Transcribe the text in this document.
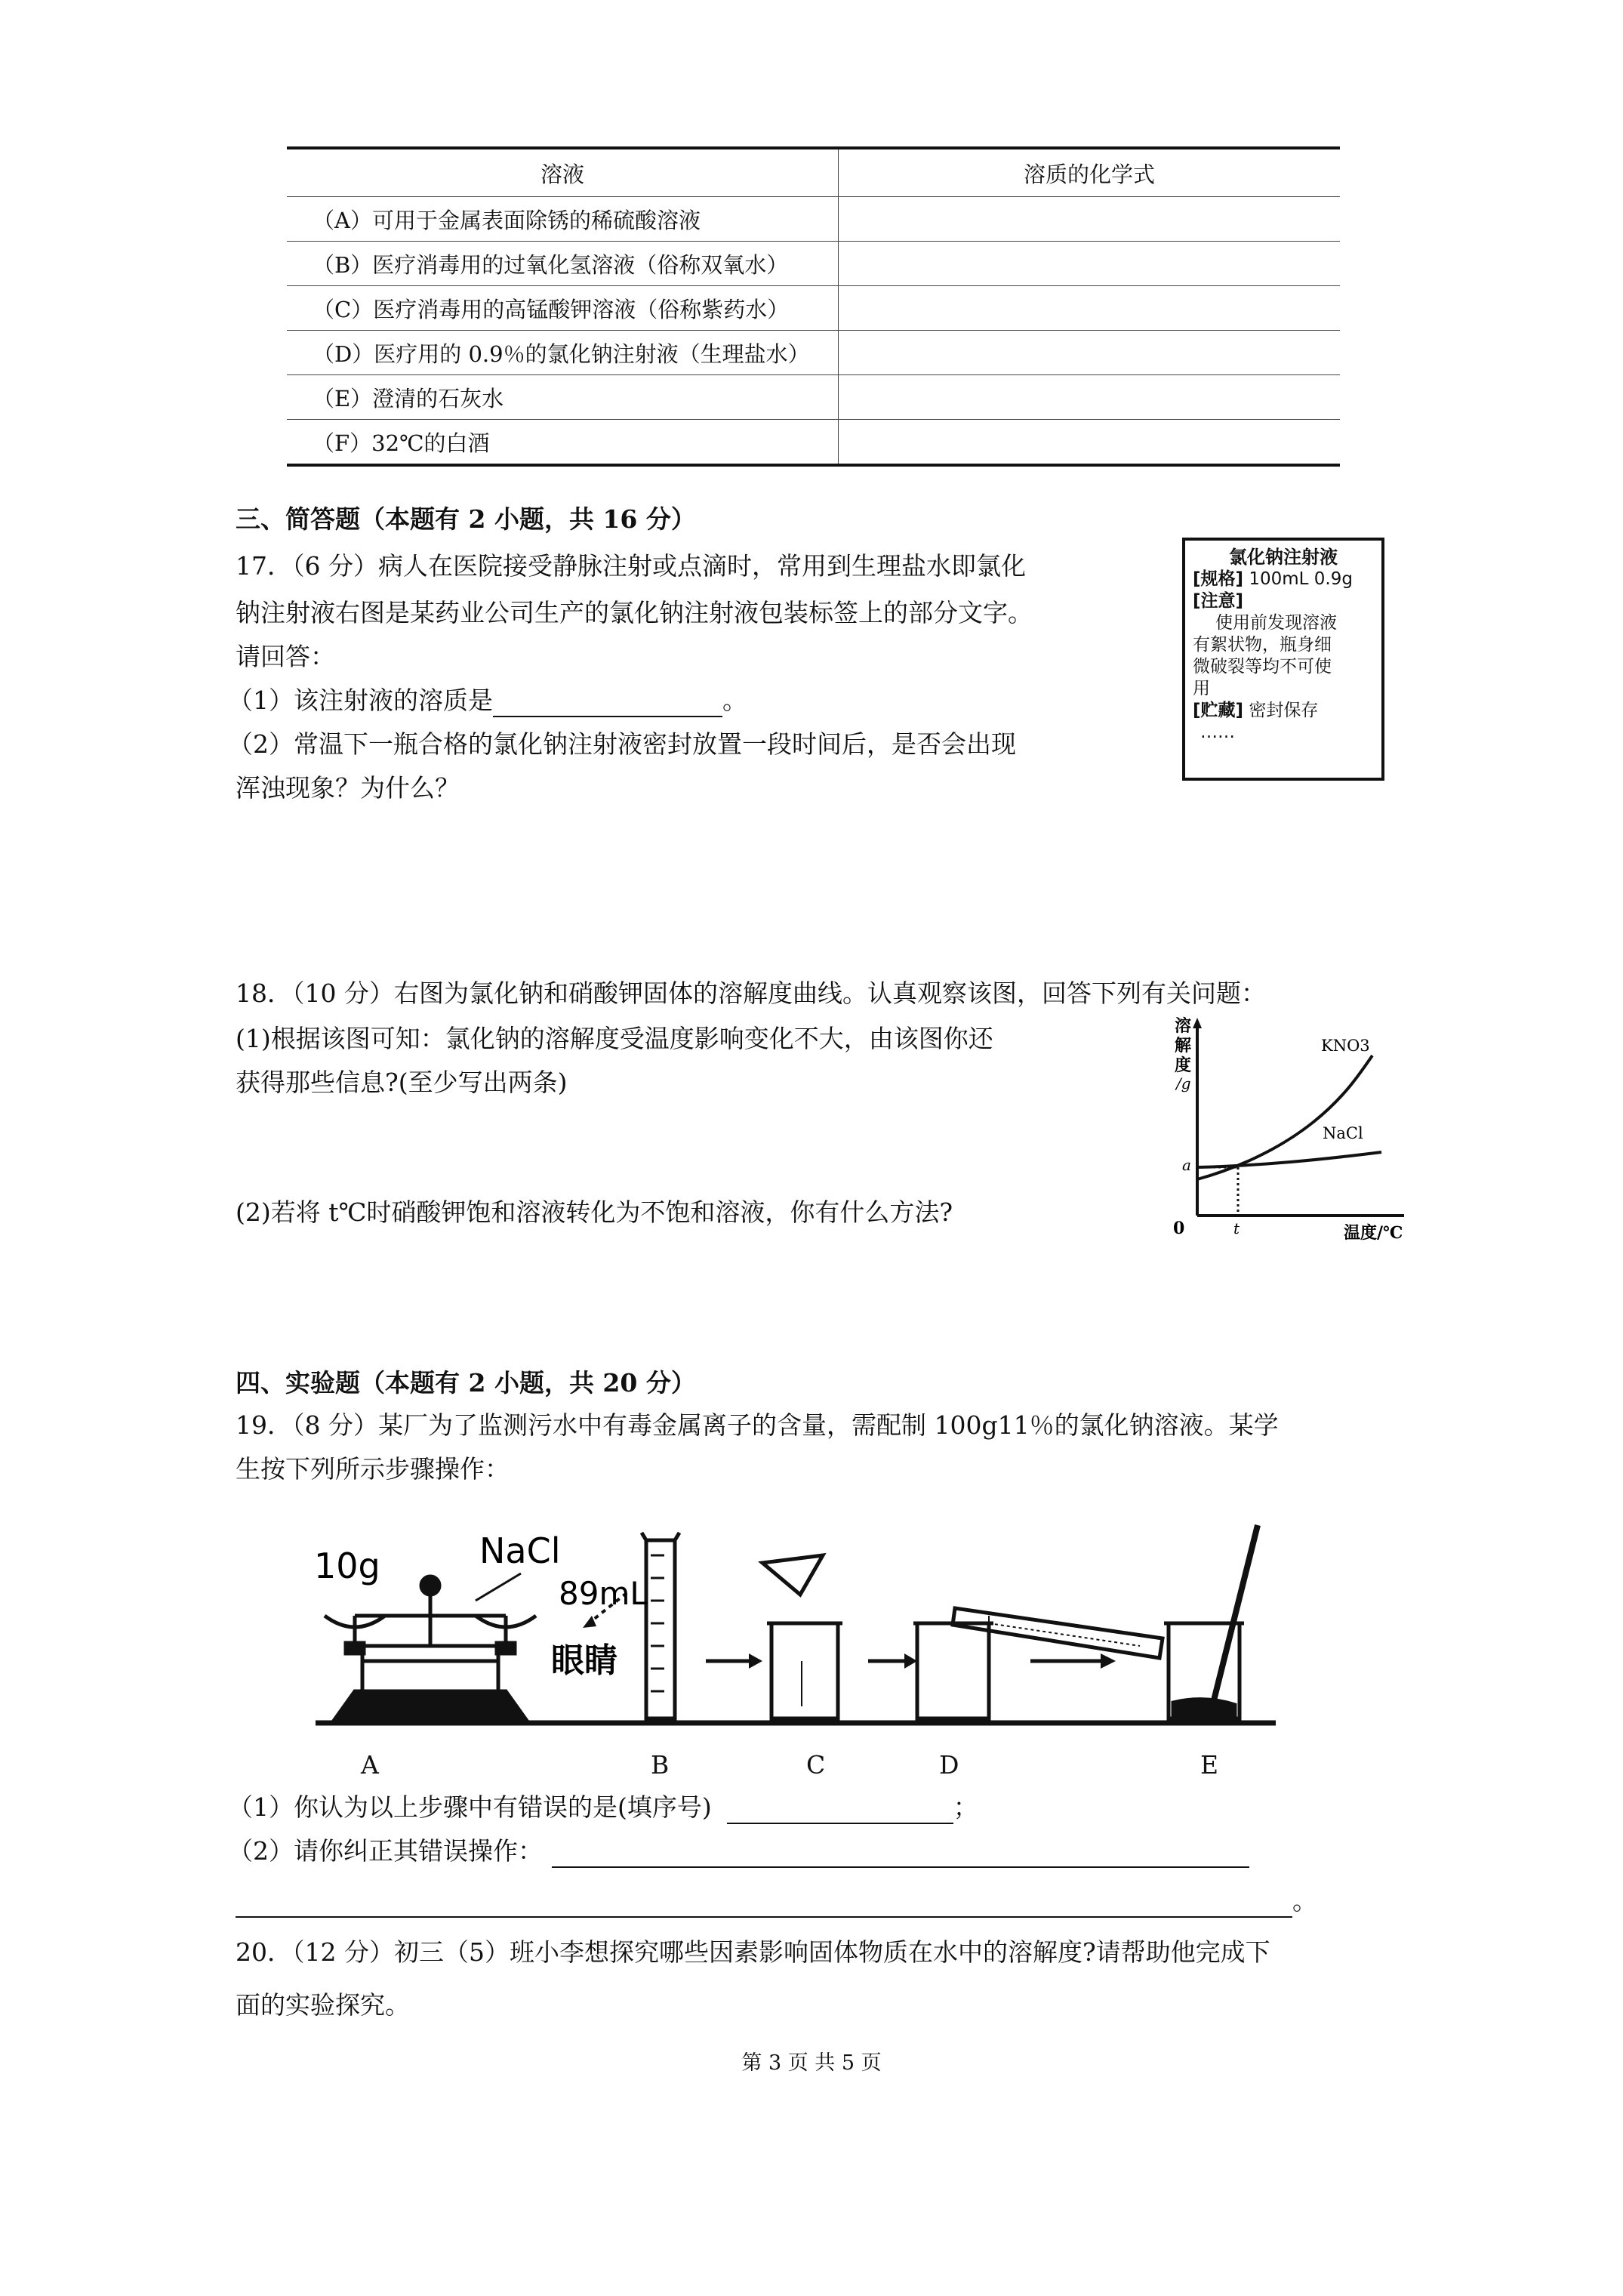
溶液	溶质的化学式
（A）可用于金属表面除锈的稀硫酸溶液	
（B）医疗消毒用的过氧化氢溶液（俗称双氧水）	
（C）医疗消毒用的高锰酸钾溶液（俗称紫药水）	
（D）医疗用的 0.9％的氯化钠注射液（生理盐水）	
（E）澄清的石灰水	
（F）32℃的白酒	
三、简答题（本题有 2 小题，共 16 分）
17．（6 分）病人在医院接受静脉注射或点滴时，常用到生理盐水即氯化
钠注射液右图是某药业公司生产的氯化钠注射液包装标签上的部分文字。
请回答：
（1）该注射液的溶质是	。
（2）常温下一瓶合格的氯化钠注射液密封放置一段时间后，是否会出现
浑浊现象？为什么？
氯化钠注射液
[规格] 100mL 0.9g
[注意]
使用前发现溶液
有絮状物，瓶身细
微破裂等均不可使
用
[贮藏] 密封保存
……
18．（10 分）右图为氯化钠和硝酸钾固体的溶解度曲线。认真观察该图，回答下列有关问题：
(1)根据该图可知：氯化钠的溶解度受温度影响变化不大，由该图你还
获得那些信息?(至少写出两条)
(2)若将 t℃时硝酸钾饱和溶液转化为不饱和溶液，你有什么方法?
溶
解
度
/g
KNO3
NaCl
a
0	t	温度/℃
四、实验题（本题有 2 小题，共 20 分）
19．（8 分）某厂为了监测污水中有毒金属离子的含量，需配制 100g11％的氯化钠溶液。某学
生按下列所示步骤操作：
10g	NaCl
89mL
眼睛
A	B	C	D	E
（1）你认为以上步骤中有错误的是(填序号)	；
（2）请你纠正其错误操作：
。
20．（12 分）初三（5）班小李想探究哪些因素影响固体物质在水中的溶解度?请帮助他完成下
面的实验探究。
第 3 页 共 5 页
